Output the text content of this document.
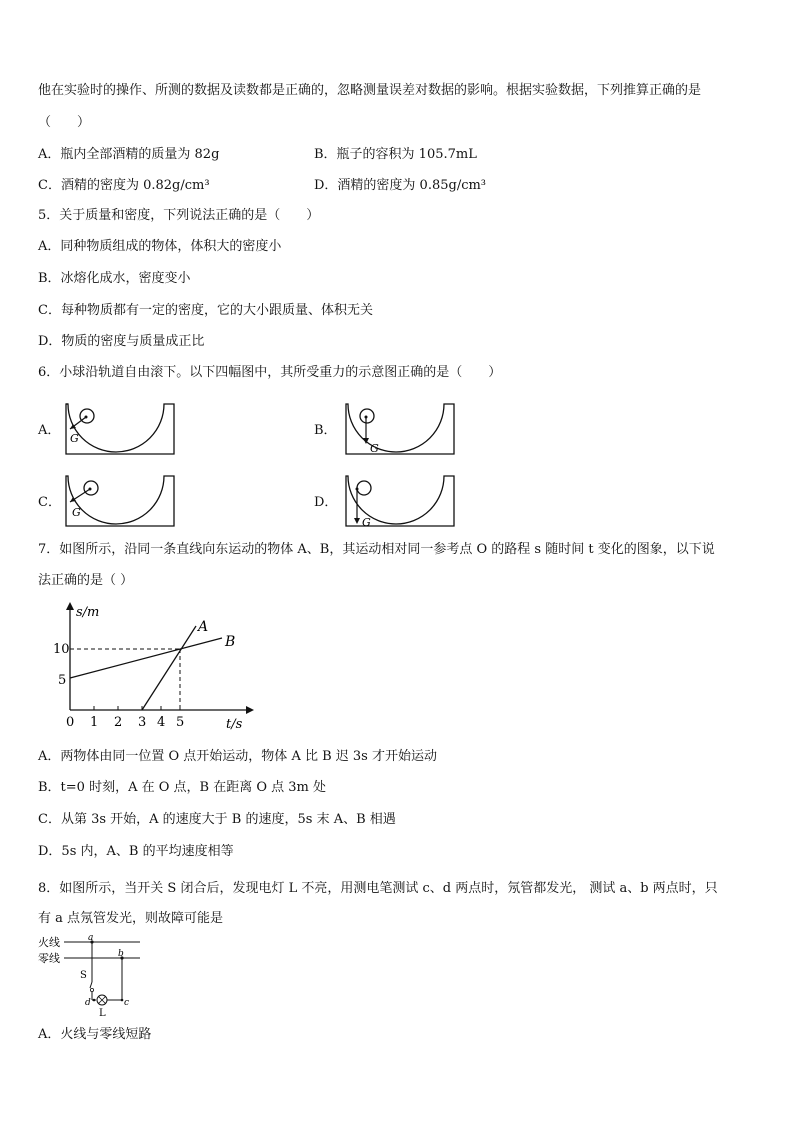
他在实验时的操作、所测的数据及读数都是正确的，忽略测量误差对数据的影响。根据实验数据，下列推算正确的是
（　　）
A．瓶内全部酒精的质量为 82g	B．瓶子的容积为 105.7mL
C．酒精的密度为 0.82g/cm³	D．酒精的密度为 0.85g/cm³
5．关于质量和密度，下列说法正确的是（　　）
A．同种物质组成的物体，体积大的密度小
B．冰熔化成水，密度变小
C．每种物质都有一定的密度，它的大小跟质量、体积无关
D．物质的密度与质量成正比
6．小球沿轨道自由滚下。以下四幅图中，其所受重力的示意图正确的是（　　）
A．
G
B．
G
C．
G
D．
G
7．如图所示，沿同一条直线向东运动的物体 A、B，其运动相对同一参考点 O 的路程 s 随时间 t 变化的图象，以下说
法正确的是（ ）
s/m
t/s
10
5
0 1 2 3 4 5
A
B
A．两物体由同一位置 O 点开始运动，物体 A 比 B 迟 3s 才开始运动
B．t=0 时刻，A 在 O 点，B 在距离 O 点 3m 处
C．从第 3s 开始，A 的速度大于 B 的速度，5s 末 A、B 相遇
D．5s 内，A、B 的平均速度相等
8．如图所示，当开关 S 闭合后，发现电灯 L 不亮，用测电笔测试 c、d 两点时，氖管都发光， 测试 a、b 两点时，只
有 a 点氖管发光，则故障可能是
火线
零线
a
S
d
L
b
c
A．火线与零线短路
